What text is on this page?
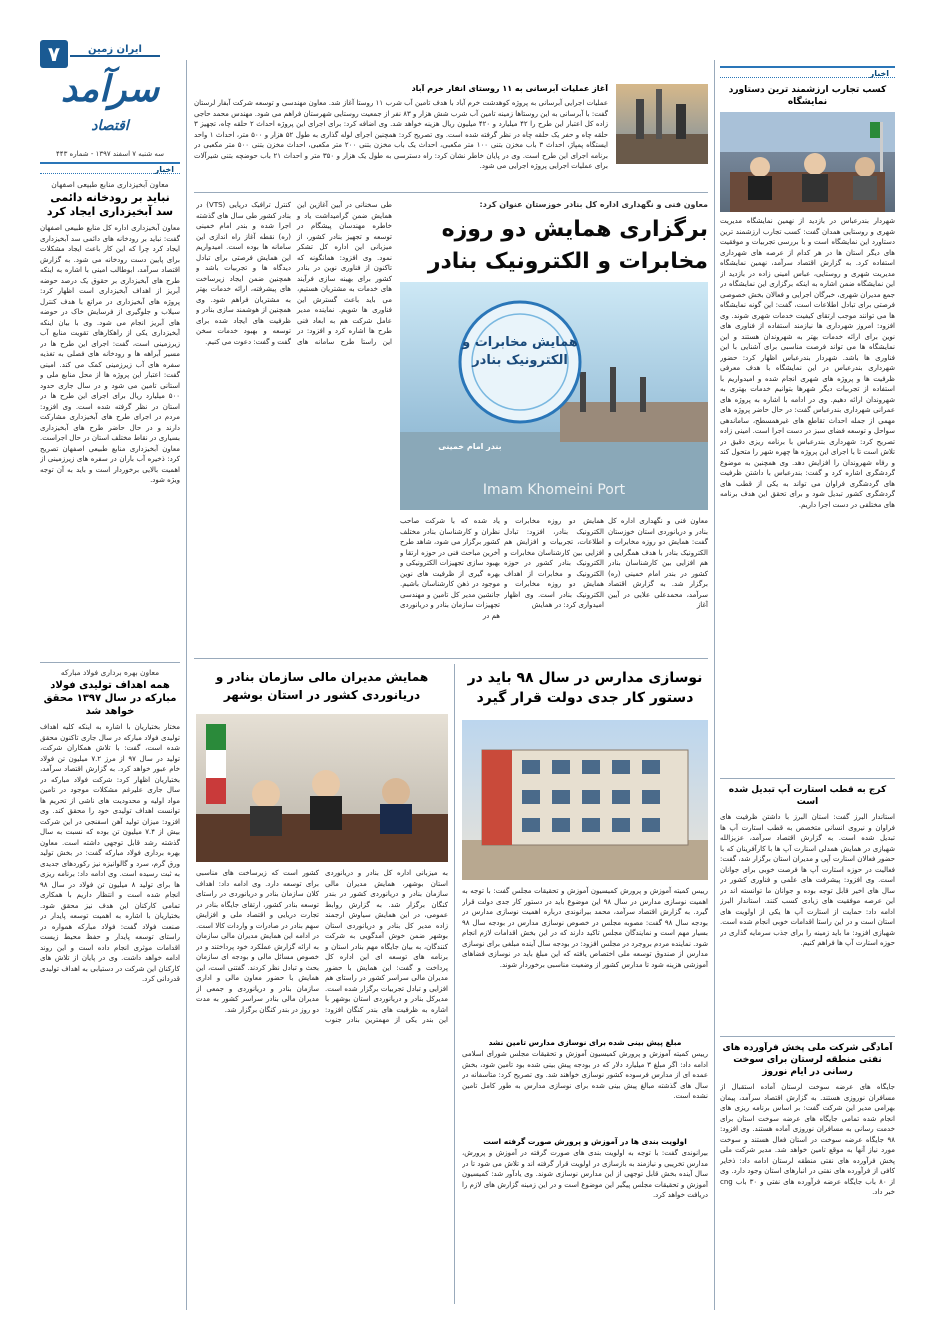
۷	ایران زمین
سرآمد
اقتصاد
سه شنبه ۷ اسفند ۱۳۹۷ - شماره ۴۴۳
اخبار
معاون آبخیزداری منابع طبیعی اصفهان
نباید بر رودخانه دائمی سد آبخیزداری ایجاد کرد
معاون آبخیزداری اداره کل منابع طبیعی اصفهان گفت: نباید بر رودخانه های دائمی سد آبخیزداری ایجاد کرد چرا که این کار باعث ایجاد مشکلات برای پایین دست رودخانه می شود. به گزارش اقتصاد سرآمد، ابوطالب امینی با اشاره به اینکه طرح های آبخیزداری بر حقوق یک درصد حوضه آبریز از اهداف آبخیزداری است اظهار کرد: پروژه های آبخیزداری در مراتع با هدف کنترل سیلاب و جلوگیری از فرسایش خاک در حوضه های آبریز انجام می شود. وی با بیان اینکه آبخیزداری یکی از راهکارهای تقویت منابع آب زیرزمینی است، گفت: اجرای این طرح ها در مسیر آبراهه ها و رودخانه های فصلی به تغذیه سفره های آب زیرزمینی کمک می کند. امینی گفت: اعتبار این پروژه ها از محل منابع ملی و استانی تامین می شود و در سال جاری حدود ۵۰۰ میلیارد ریال برای اجرای این طرح ها در استان در نظر گرفته شده است. وی افزود: مردم در اجرای طرح های آبخیزداری مشارکت دارند و در حال حاضر طرح های آبخیزداری بسیاری در نقاط مختلف استان در حال اجراست. معاون آبخیزداری منابع طبیعی اصفهان تصریح کرد: ذخیره آب باران در سفره های زیرزمینی از اهمیت بالایی برخوردار است و باید به آن توجه ویژه شود.
معاون بهره برداری فولاد مبارکه
همه اهداف تولیدی فولاد مبارکه در سال ۱۳۹۷ محقق خواهد شد
مختار بختیاریان با اشاره به اینکه کلیه اهداف تولیدی فولاد مبارکه در سال جاری تاکنون محقق شده است، گفت: با تلاش همکاران شرکت، تولید در سال ۹۷ از مرز ۷.۲ میلیون تن فولاد خام عبور خواهد کرد. به گزارش اقتصاد سرآمد، بختیاریان اظهار کرد: شرکت فولاد مبارکه در سال جاری علیرغم مشکلات موجود در تامین مواد اولیه و محدودیت های ناشی از تحریم ها توانست اهداف تولیدی خود را محقق کند. وی افزود: میزان تولید آهن اسفنجی در این شرکت بیش از ۷.۴ میلیون تن بوده که نسبت به سال گذشته رشد قابل توجهی داشته است. معاون بهره برداری فولاد مبارکه گفت: در بخش تولید ورق گرم، سرد و گالوانیزه نیز رکوردهای جدیدی به ثبت رسیده است. وی ادامه داد: برنامه ریزی ها برای تولید ۸ میلیون تن فولاد در سال ۹۸ انجام شده است و انتظار داریم با همکاری تمامی کارکنان این هدف نیز محقق شود. بختیاریان با اشاره به اهمیت توسعه پایدار در صنعت فولاد گفت: فولاد مبارکه همواره در راستای توسعه پایدار و حفظ محیط زیست اقدامات موثری انجام داده است و این روند ادامه خواهد داشت. وی در پایان از تلاش های کارکنان این شرکت در دستیابی به اهداف تولیدی قدردانی کرد.
اخبار
کسب تجارب ارزشمند ترین دستاورد نمایشگاه
شهردار بندرعباس در بازدید از نهمین نمایشگاه مدیریت شهری و روستایی همدان گفت: کسب تجارب ارزشمند ترین دستاورد این نمایشگاه است و با بررسی تجربیات و موفقیت های دیگر استان ها در هر کدام از عرصه های شهرداری استفاده کرد. به گزارش اقتصاد سرآمد، نهمین نمایشگاه مدیریت شهری و روستایی، عباس امینی زاده در بازدید از این نمایشگاه ضمن اشاره به اینکه برگزاری این نمایشگاه در جمع مدیران شهری، خبرگان اجرایی و فعالان بخش خصوصی فرصتی برای تبادل اطلاعات است، گفت: این گونه نمایشگاه ها می توانند موجب ارتقای کیفیت خدمات شهری شوند. وی افزود: امروز شهرداری ها نیازمند استفاده از فناوری های نوین برای ارائه خدمات بهتر به شهروندان هستند و این نمایشگاه ها می تواند فرصت مناسبی برای آشنایی با این فناوری ها باشد. شهردار بندرعباس اظهار کرد: حضور شهرداری بندرعباس در این نمایشگاه با هدف معرفی ظرفیت ها و پروژه های شهری انجام شده و امیدواریم با استفاده از تجربیات دیگر شهرها بتوانیم خدمات بهتری به شهروندان ارائه دهیم. وی در ادامه با اشاره به پروژه های عمرانی شهرداری بندرعباس گفت: در حال حاضر پروژه های مهمی از جمله احداث تقاطع های غیرهمسطح، ساماندهی سواحل و توسعه فضای سبز در دست اجرا است. امینی زاده تصریح کرد: شهرداری بندرعباس با برنامه ریزی دقیق در تلاش است تا با اجرای این پروژه ها چهره شهر را متحول کند و رفاه شهروندان را افزایش دهد. وی همچنین به موضوع گردشگری اشاره کرد و گفت: بندرعباس با داشتن ظرفیت های گردشگری فراوان می تواند به یکی از قطب های گردشگری کشور تبدیل شود و برای تحقق این هدف برنامه های مختلفی در دست اجرا داریم.
کرج به قطب استارت آپ تبدیل شده است
استاندار البرز گفت: استان البرز با داشتن ظرفیت های فراوان و نیروی انسانی متخصص به قطب استارت آپ ها تبدیل شده است. به گزارش اقتصاد سرآمد، عزیزالله شهبازی در همایش همدلی استارت آپ ها با کارآفرینان که با حضور فعالان استارت آپی و مدیران استان برگزار شد، گفت: فعالیت در حوزه استارت آپ ها فرصت خوبی برای جوانان است. وی افزود: پیشرفت های علمی و فناوری کشور در سال های اخیر قابل توجه بوده و جوانان ما توانسته اند در این عرصه موفقیت های زیادی کسب کنند. استاندار البرز ادامه داد: حمایت از استارت آپ ها یکی از اولویت های استان است و در این راستا اقدامات خوبی انجام شده است. شهبازی افزود: ما باید زمینه را برای جذب سرمایه گذاری در حوزه استارت آپ ها فراهم کنیم.
آمادگی شرکت ملی پخش فرآورده های نفتی منطقه لرستان برای سوخت رسانی در ایام نوروز
جایگاه های عرضه سوخت لرستان آماده استقبال از مسافران نوروزی هستند. به گزارش اقتصاد سرآمد، پیمان بهرامی مدیر این شرکت گفت: بر اساس برنامه ریزی های انجام شده تمامی جایگاه های عرضه سوخت استان برای خدمت رسانی به مسافران نوروزی آماده هستند. وی افزود: ۹۸ جایگاه عرضه سوخت در استان فعال هستند و سوخت مورد نیاز آنها به موقع تامین خواهد شد. مدیر شرکت ملی پخش فرآورده های نفتی منطقه لرستان ادامه داد: ذخایر کافی از فرآورده های نفتی در انبارهای استان وجود دارد. وی از ۸۰ باب جایگاه عرضه فرآورده های نفتی و ۳۰ باب cng خبر داد.
آغاز عملیات آبرسانی به ۱۱ روستای انفار خرم آباد
عملیات اجرایی آبرسانی به پروژه کوهدشت خرم آباد با هدف تامین آب شرب ۱۱ روستا آغاز شد. معاون مهندسی و توسعه شرکت آبفار لرستان گفت: با آبرسانی به این روستاها زمینه تامین آب شرب شش هزار و ۸۳ نفر از جمعیت روستایی شهرستان فراهم می شود. مهندس محمد حاجی زاده کل اعتبار این طرح را ۴۲ میلیارد و ۴۲۰ میلیون ریال هزینه خواهد شد. وی اضافه کرد: برای اجرای این پروژه احداث ۲ حلقه چاه، تجهیز ۳ حلقه چاه و حفر یک حلقه چاه در نظر گرفته شده است. وی تصریح کرد: همچنین اجرای لوله گذاری به طول ۵۲ هزار و ۵۰۰ متر، احداث ۱ واحد ایستگاه پمپاژ، احداث ۳ باب مخزن بتنی ۱۰۰ متر مکعبی، احداث یک باب مخزن بتنی ۲۰۰ متر مکعبی، احداث مخزن بتنی ۵۰۰ متر مکعبی در برنامه اجرای این طرح است. وی در پایان خاطر نشان کرد: راه دسترسی به طول یک هزار و ۳۵۰ متر و احداث ۲۱ باب حوضچه بتنی شیرآلات برای عملیات اجرایی پروژه اجرایی می شود.
معاون فنی و نگهداری اداره کل بنادر خوزستان عنوان کرد:
برگزاری همایش دو روزه مخابرات و الکترونیک بنادر
همایش مخابرات و الکترونیک بنادر
بندر امام خمینی
Imam Khomeini Port
طی سخنانی در آیین آغازین این همایش ضمن گرامیداشت یاد و خاطره مهندسان پیشگام در توسعه و تجهیز بنادر کشور، از میزبانی این اداره کل تشکر نمود. وی افزود: همانگونه که تاکنون از فناوری نوین در بنادر کشور برای بهینه سازی فرآیند های خدمات به مشتریان هستیم، می باید باعث گسترش این فناوری ها شویم. نماینده مدیر عامل شرکت هم به ابعاد فنی طرح ها اشاره کرد و افزود: در این راستا طرح سامانه های کنترل ترافیک دریایی (VTS) در بنادر کشور طی سال های گذشته اجرا شده و بندر امام خمینی (ره) نقطه آغاز راه اندازی این سامانه ها بوده است. امیدواریم این همایش فرصتی برای تبادل دیدگاه ها و تجربیات باشد و همچنین ضمن ایجاد زیرساخت های پیشرفته، ارائه خدمات بهتر به مشتریان فراهم شود. وی همچنین از هوشمند سازی بنادر و ظرفیت های ایجاد شده برای توسعه و بهبود خدمات سخن گفت و گفت: دعوت می کنیم.
معاون فنی و نگهداری اداره کل بنادر و دریانوردی استان خوزستان گفت: همایش دو روزه مخابرات و الکترونیک بنادر با هدف همگرایی و هم افزایی بین کارشناسان بنادر کشور در بندر امام خمینی (ره) برگزار شد. به گزارش اقتصاد سرآمد، محمدعلی علایی در آیین آغاز
همایش دو روزه مخابرات و الکترونیک بنادر، افزود: تبادل اطلاعات، تجربیات و افزایش هم افزایی بین کارشناسان مخابرات و الکترونیک بنادر کشور در حوزه الکترونیک و مخابرات از اهداف همایش دو روزه مخابرات و الکترونیک بنادر است. وی اظهار امیدواری کرد: در همایش
یاد شده که با شرکت صاحب نظران و کارشناسان بنادر مختلف کشور برگزار می شود، شاهد طرح آخرین مباحث فنی در حوزه ارتقا و بهبود سازی تجهیزات الکترونیکی و بهره گیری از ظرفیت های نوین موجود در ذهن کارشناسان باشیم. جانشین مدیر کل تامین و مهندسی تجهیزات سازمان بنادر و دریانوردی هم در
نوسازی مدارس در سال ۹۸ باید در دستور کار جدی دولت قرار گیرد
رییس کمیته آموزش و پرورش کمیسیون آموزش و تحقیقات مجلس گفت: با توجه به اهمیت نوسازی مدارس در سال ۹۸ این موضوع باید در دستور کار جدی دولت قرار گیرد. به گزارش اقتصاد سرآمد، محمد بیرانوندی درباره اهمیت نوسازی مدارس در بودجه سال ۹۸ گفت: مصوبه مجلس در خصوص نوسازی مدارس در بودجه سال ۹۸ بسیار مهم است و نمایندگان مجلس تاکید دارند که در این بخش اقدامات لازم انجام شود. نماینده مردم بروجرد در مجلس افزود: در بودجه سال آینده مبلغی برای نوسازی مدارس از صندوق توسعه ملی اختصاص یافته که این مبلغ باید در نوسازی فضاهای آموزشی هزینه شود تا مدارس کشور از وضعیت مناسبی برخوردار شوند.
مبلغ پیش بینی شده برای نوسازی مدارس تامین نشد
رییس کمیته آموزش و پرورش کمیسیون آموزش و تحقیقات مجلس شورای اسلامی ادامه داد: اگر مبلغ ۳ میلیارد دلار که در بودجه پیش بینی شده بود تامین شود، بخش عمده ای از مدارس فرسوده کشور نوسازی خواهند شد. وی تصریح کرد: متاسفانه در سال های گذشته مبالغ پیش بینی شده برای نوسازی مدارس به طور کامل تامین نشده است.
اولویت بندی ها در آموزش و پرورش صورت گرفته است
بیرانوندی گفت: با توجه به اولویت بندی های صورت گرفته در آموزش و پرورش، مدارس تخریبی و نیازمند به بازسازی در اولویت قرار گرفته اند و تلاش می شود تا در سال آینده بخش قابل توجهی از این مدارس نوسازی شوند. وی یادآور شد: کمیسیون آموزش و تحقیقات مجلس پیگیر این موضوع است و در این زمینه گزارش های لازم را دریافت خواهد کرد.
همایش مدیران مالی سازمان بنادر و دریانوردی کشور در استان بوشهر
به میزبانی اداره کل بنادر و دریانوردی استان بوشهر، همایش مدیران مالی سازمان بنادر و دریانوردی کشور در بندر کنگان برگزار شد. به گزارش روابط عمومی، در این همایش سیاوش ارجمند زاده مدیر کل بنادر و دریانوردی استان بوشهر ضمن خوش آمدگویی به شرکت کنندگان، به بیان جایگاه مهم بنادر استان و برنامه های توسعه ای این اداره کل پرداخت و گفت: این همایش با حضور مدیران مالی سراسر کشور در راستای هم افزایی و تبادل تجربیات برگزار شده است. مدیرکل بنادر و دریانوردی استان بوشهر با اشاره به ظرفیت های بندر کنگان افزود: این بندر یکی از مهمترین بنادر جنوب کشور است که زیرساخت های مناسبی برای توسعه دارد. وی ادامه داد: اهداف کلان سازمان بنادر و دریانوردی در راستای توسعه بنادر کشور، ارتقای جایگاه بنادر در تجارت دریایی و اقتصاد ملی و افزایش سهم بنادر در صادرات و واردات کالا است. در ادامه این همایش مدیران مالی سازمان به ارائه گزارش عملکرد خود پرداختند و در خصوص مسائل مالی و بودجه ای سازمان بحث و تبادل نظر کردند. گفتنی است، این همایش با حضور معاون مالی و اداری سازمان بنادر و دریانوردی و جمعی از مدیران مالی بنادر سراسر کشور به مدت دو روز در بندر کنگان برگزار شد.
